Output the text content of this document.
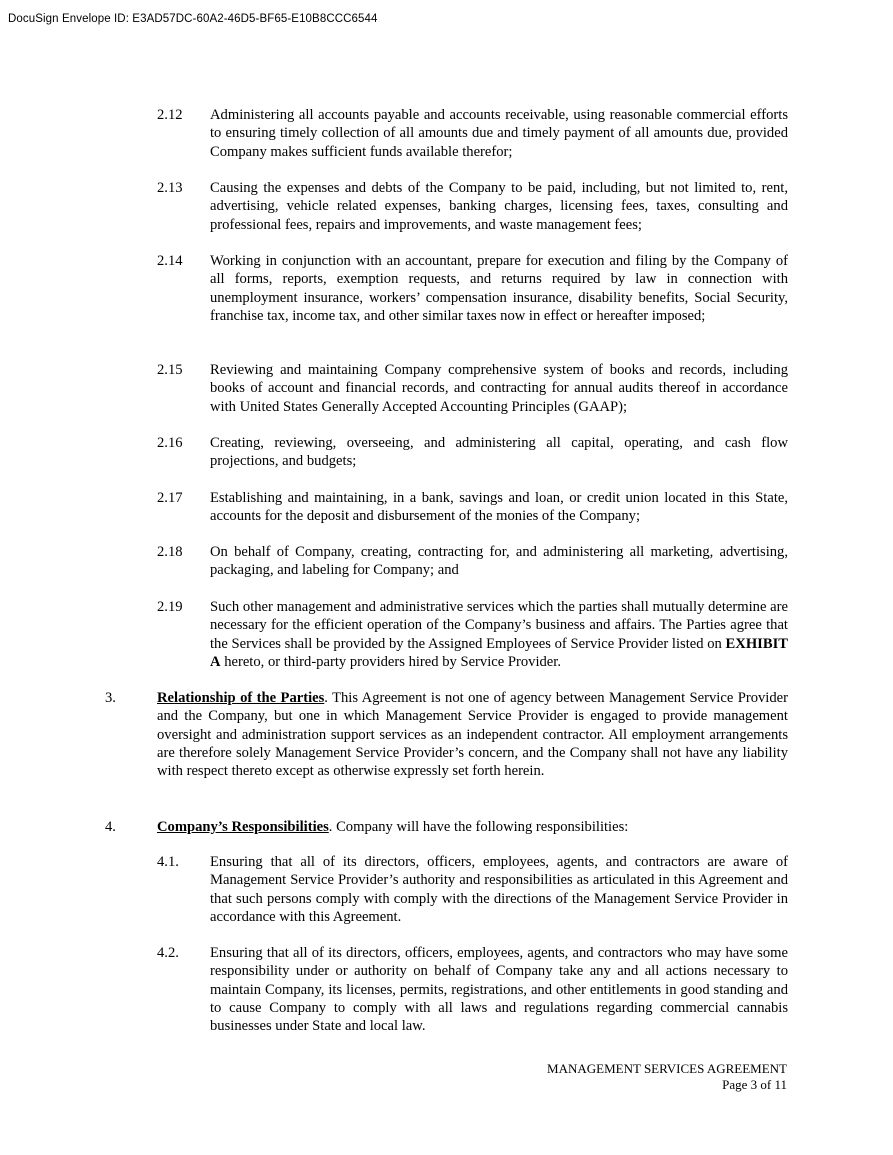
DocuSign Envelope ID: E3AD57DC-60A2-46D5-BF65-E10B8CCC6544
2.12 Administering all accounts payable and accounts receivable, using reasonable commercial efforts to ensuring timely collection of all amounts due and timely payment of all amounts due, provided Company makes sufficient funds available therefor;
2.13 Causing the expenses and debts of the Company to be paid, including, but not limited to, rent, advertising, vehicle related expenses, banking charges, licensing fees, taxes, consulting and professional fees, repairs and improvements, and waste management fees;
2.14 Working in conjunction with an accountant, prepare for execution and filing by the Company of all forms, reports, exemption requests, and returns required by law in connection with unemployment insurance, workers’ compensation insurance, disability benefits, Social Security, franchise tax, income tax, and other similar taxes now in effect or hereafter imposed;
2.15 Reviewing and maintaining Company comprehensive system of books and records, including books of account and financial records, and contracting for annual audits thereof in accordance with United States Generally Accepted Accounting Principles (GAAP);
2.16 Creating, reviewing, overseeing, and administering all capital, operating, and cash flow projections, and budgets;
2.17 Establishing and maintaining, in a bank, savings and loan, or credit union located in this State, accounts for the deposit and disbursement of the monies of the Company;
2.18 On behalf of Company, creating, contracting for, and administering all marketing, advertising, packaging, and labeling for Company; and
2.19 Such other management and administrative services which the parties shall mutually determine are necessary for the efficient operation of the Company’s business and affairs. The Parties agree that the Services shall be provided by the Assigned Employees of Service Provider listed on EXHIBIT A hereto, or third-party providers hired by Service Provider.
3.	Relationship of the Parties. This Agreement is not one of agency between Management Service Provider and the Company, but one in which Management Service Provider is engaged to provide management oversight and administration support services as an independent contractor. All employment arrangements are therefore solely Management Service Provider’s concern, and the Company shall not have any liability with respect thereto except as otherwise expressly set forth herein.
4.	Company’s Responsibilities. Company will have the following responsibilities:
4.1. Ensuring that all of its directors, officers, employees, agents, and contractors are aware of Management Service Provider’s authority and responsibilities as articulated in this Agreement and that such persons comply with comply with the directions of the Management Service Provider in accordance with this Agreement.
4.2. Ensuring that all of its directors, officers, employees, agents, and contractors who may have some responsibility under or authority on behalf of Company take any and all actions necessary to maintain Company, its licenses, permits, registrations, and other entitlements in good standing and to cause Company to comply with all laws and regulations regarding commercial cannabis businesses under State and local law.
MANAGEMENT SERVICES AGREEMENT
Page 3 of 11
